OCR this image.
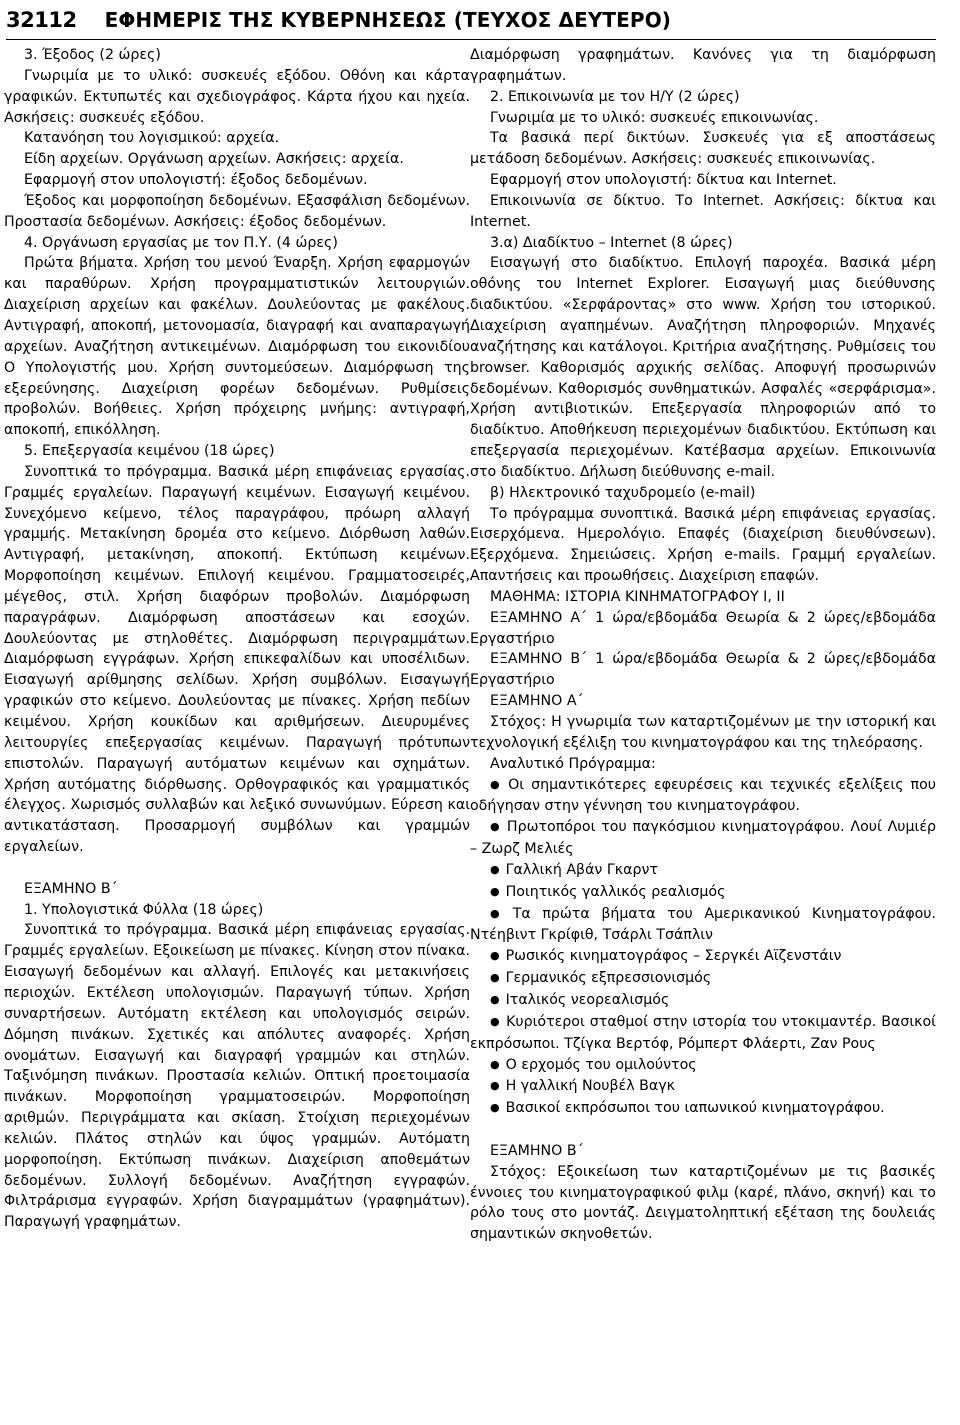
32112 ΕΦΗΜΕΡΙΣ ΤΗΣ ΚΥΒΕΡΝΗΣΕΩΣ (ΤΕΥΧΟΣ ΔΕΥΤΕΡΟ)

3. Έξοδος (2 ώρες)

Γνωριμία με το υλικό: συσκευές εξόδου. Οθόνη και κάρτα γραφικών. Εκτυπωτές και σχεδιογράφος. Κάρτα ήχου και ηχεία. Ασκήσεις: συσκευές εξόδου.

Κατανόηση του λογισμικού: αρχεία.

Είδη αρχείων. Οργάνωση αρχείων. Ασκήσεις: αρχεία.

Εφαρμογή στον υπολογιστή: έξοδος δεδομένων.

Έξοδος και μορφοποίηση δεδομένων. Εξασφάλιση δεδομένων. Προστασία δεδομένων. Ασκήσεις: έξοδος δεδομένων.

4. Οργάνωση εργασίας με τον Π.Υ. (4 ώρες)

Πρώτα βήματα. Χρήση του μενού Έναρξη. Χρήση εφαρμογών και παραθύρων. Χρήση προγραμματιστικών λειτουργιών. Διαχείριση αρχείων και φακέλων. Δουλεύοντας με φακέλους. Αντιγραφή, αποκοπή, μετονομασία, διαγραφή και αναπαραγωγή αρχείων. Αναζήτηση αντικειμένων. Διαμόρφωση του εικονιδίου Ο Υπολογιστής μου. Χρήση συντομεύσεων. Διαμόρφωση της εξερεύνησης. Διαχείριση φορέων δεδομένων. Ρυθμίσεις προβολών. Βοήθειες. Χρήση πρόχειρης μνήμης: αντιγραφή, αποκοπή, επικόλληση.

5. Επεξεργασία κειμένου (18 ώρες)

Συνοπτικά το πρόγραμμα. Βασικά μέρη επιφάνειας εργασίας. Γραμμές εργαλείων. Παραγωγή κειμένων. Εισαγωγή κειμένου. Συνεχόμενο κείμενο, τέλος παραγράφου, πρόωρη αλλαγή γραμμής. Μετακίνηση δρομέα στο κείμενο. Διόρθωση λαθών. Αντιγραφή, μετακίνηση, αποκοπή. Εκτύπωση κειμένων. Μορφοποίηση κειμένων. Επιλογή κειμένου. Γραμματοσειρές, μέγεθος, στιλ. Χρήση διαφόρων προβολών. Διαμόρφωση παραγράφων. Διαμόρφωση αποστάσεων και εσοχών. Δουλεύοντας με στηλοθέτες. Διαμόρφωση περιγραμμάτων. Διαμόρφωση εγγράφων. Χρήση επικεφαλίδων και υποσέλιδων. Εισαγωγή αρίθμησης σελίδων. Χρήση συμβόλων. Εισαγωγή γραφικών στο κείμενο. Δουλεύοντας με πίνακες. Χρήση πεδίων κειμένου. Χρήση κουκίδων και αριθμήσεων. Διευρυμένες λειτουργίες επεξεργασίας κειμένων. Παραγωγή πρότυπων επιστολών. Παραγωγή αυτόματων κειμένων και σχημάτων. Χρήση αυτόματης διόρθωσης. Ορθογραφικός και γραμματικός έλεγχος. Χωρισμός συλλαβών και λεξικό συνωνύμων. Εύρεση και αντικατάσταση. Προσαρμογή συμβόλων και γραμμών εργαλείων.

ΕΞΑΜΗΝΟ Β΄

1. Υπολογιστικά Φύλλα (18 ώρες)

Συνοπτικά το πρόγραμμα. Βασικά μέρη επιφάνειας εργασίας. Γραμμές εργαλείων. Εξοικείωση με πίνακες. Κίνηση στον πίνακα. Εισαγωγή δεδομένων και αλλαγή. Επιλογές και μετακινήσεις περιοχών. Εκτέλεση υπολογισμών. Παραγωγή τύπων. Χρήση συναρτήσεων. Αυτόματη εκτέλεση και υπολογισμός σειρών. Δόμηση πινάκων. Σχετικές και απόλυτες αναφορές. Χρήση ονομάτων. Εισαγωγή και διαγραφή γραμμών και στηλών. Ταξινόμηση πινάκων. Προστασία κελιών. Οπτική προετοιμασία πινάκων. Μορφοποίηση γραμματοσειρών. Μορφοποίηση αριθμών. Περιγράμματα και σκίαση. Στοίχιση περιεχομένων κελιών. Πλάτος στηλών και ύψος γραμμών. Αυτόματη μορφοποίηση. Εκτύπωση πινάκων. Διαχείριση αποθεμάτων δεδομένων. Συλλογή δεδομένων. Αναζήτηση εγγραφών. Φιλτράρισμα εγγραφών. Χρήση διαγραμμάτων (γραφημάτων). Παραγωγή γραφημάτων.

Διαμόρφωση γραφημάτων. Κανόνες για τη διαμόρφωση γραφημάτων.

2. Επικοινωνία με τον Η/Υ (2 ώρες)

Γνωριμία με το υλικό: συσκευές επικοινωνίας.

Τα βασικά περί δικτύων. Συσκευές για εξ αποστάσεως μετάδοση δεδομένων. Ασκήσεις: συσκευές επικοινωνίας.

Εφαρμογή στον υπολογιστή: δίκτυα και Internet.

Επικοινωνία σε δίκτυο. Το Internet. Ασκήσεις: δίκτυα και Internet.

3.α) Διαδίκτυο – Internet (8 ώρες)

Εισαγωγή στο διαδίκτυο. Επιλογή παροχέα. Βασικά μέρη οθόνης του Internet Explorer. Εισαγωγή μιας διεύθυνσης διαδικτύου. «Σερφάροντας» στο www. Χρήση του ιστορικού. Διαχείριση αγαπημένων. Αναζήτηση πληροφοριών. Μηχανές αναζήτησης και κατάλογοι. Κριτήρια αναζήτησης. Ρυθμίσεις του browser. Καθορισμός αρχικής σελίδας. Αποφυγή προσωρινών δεδομένων. Καθορισμός συνθηματικών. Ασφαλές «σερφάρισμα». Χρήση αντιβιοτικών. Επεξεργασία πληροφοριών από το διαδίκτυο. Αποθήκευση περιεχομένων διαδικτύου. Εκτύπωση και επεξεργασία περιεχομένων. Κατέβασμα αρχείων. Επικοινωνία στο διαδίκτυο. Δήλωση διεύθυνσης e-mail.

β) Ηλεκτρονικό ταχυδρομείο (e-mail)

Το πρόγραμμα συνοπτικά. Βασικά μέρη επιφάνειας εργασίας. Εισερχόμενα. Ημερολόγιο. Επαφές (διαχείριση διευθύνσεων). Εξερχόμενα. Σημειώσεις. Χρήση e-mails. Γραμμή εργαλείων. Απαντήσεις και προωθήσεις. Διαχείριση επαφών.

ΜΑΘΗΜΑ: ΙΣΤΟΡΙΑ ΚΙΝΗΜΑΤΟΓΡΑΦΟΥ Ι, ΙΙ

ΕΞΑΜΗΝΟ Α΄ 1 ώρα/εβδομάδα Θεωρία & 2 ώρες/εβδομάδα Εργαστήριο

ΕΞΑΜΗΝΟ Β΄ 1 ώρα/εβδομάδα Θεωρία & 2 ώρες/εβδομάδα Εργαστήριο

ΕΞΑΜΗΝΟ Α΄

Στόχος: Η γνωριμία των καταρτιζομένων με την ιστορική και τεχνολογική εξέλιξη του κινηματογράφου και της τηλεόρασης.

Αναλυτικό Πρόγραμμα:

● Οι σημαντικότερες εφευρέσεις και τεχνικές εξελίξεις που οδήγησαν στην γέννηση του κινηματογράφου.

● Πρωτοπόροι του παγκόσμιου κινηματογράφου. Λουί Λυμιέρ – Ζωρζ Μελιές

● Γαλλική Αβάν Γκαρντ

● Ποιητικός γαλλικός ρεαλισμός

● Τα πρώτα βήματα του Αμερικανικού Κινηματογράφου. Ντέηβιντ Γκρίφιθ, Τσάρλι Τσάπλιν

● Ρωσικός κινηματογράφος – Σεργκέι Αϊζενστάιν

● Γερμανικός εξπρεσσιονισμός

● Ιταλικός νεορεαλισμός

● Κυριότεροι σταθμοί στην ιστορία του ντοκιμαντέρ. Βασικοί εκπρόσωποι. Τζίγκα Βερτόφ, Ρόμπερτ Φλάερτι, Ζαν Ρους

● Ο ερχομός του ομιλούντος

● Η γαλλική Νουβέλ Βαγκ

● Βασικοί εκπρόσωποι του ιαπωνικού κινηματογράφου.

ΕΞΑΜΗΝΟ Β΄

Στόχος: Εξοικείωση των καταρτιζομένων με τις βασικές έννοιες του κινηματογραφικού φιλμ (καρέ, πλάνο, σκηνή) και το ρόλο τους στο μοντάζ. Δειγματοληπτική εξέταση της δουλειάς σημαντικών σκηνοθετών.
